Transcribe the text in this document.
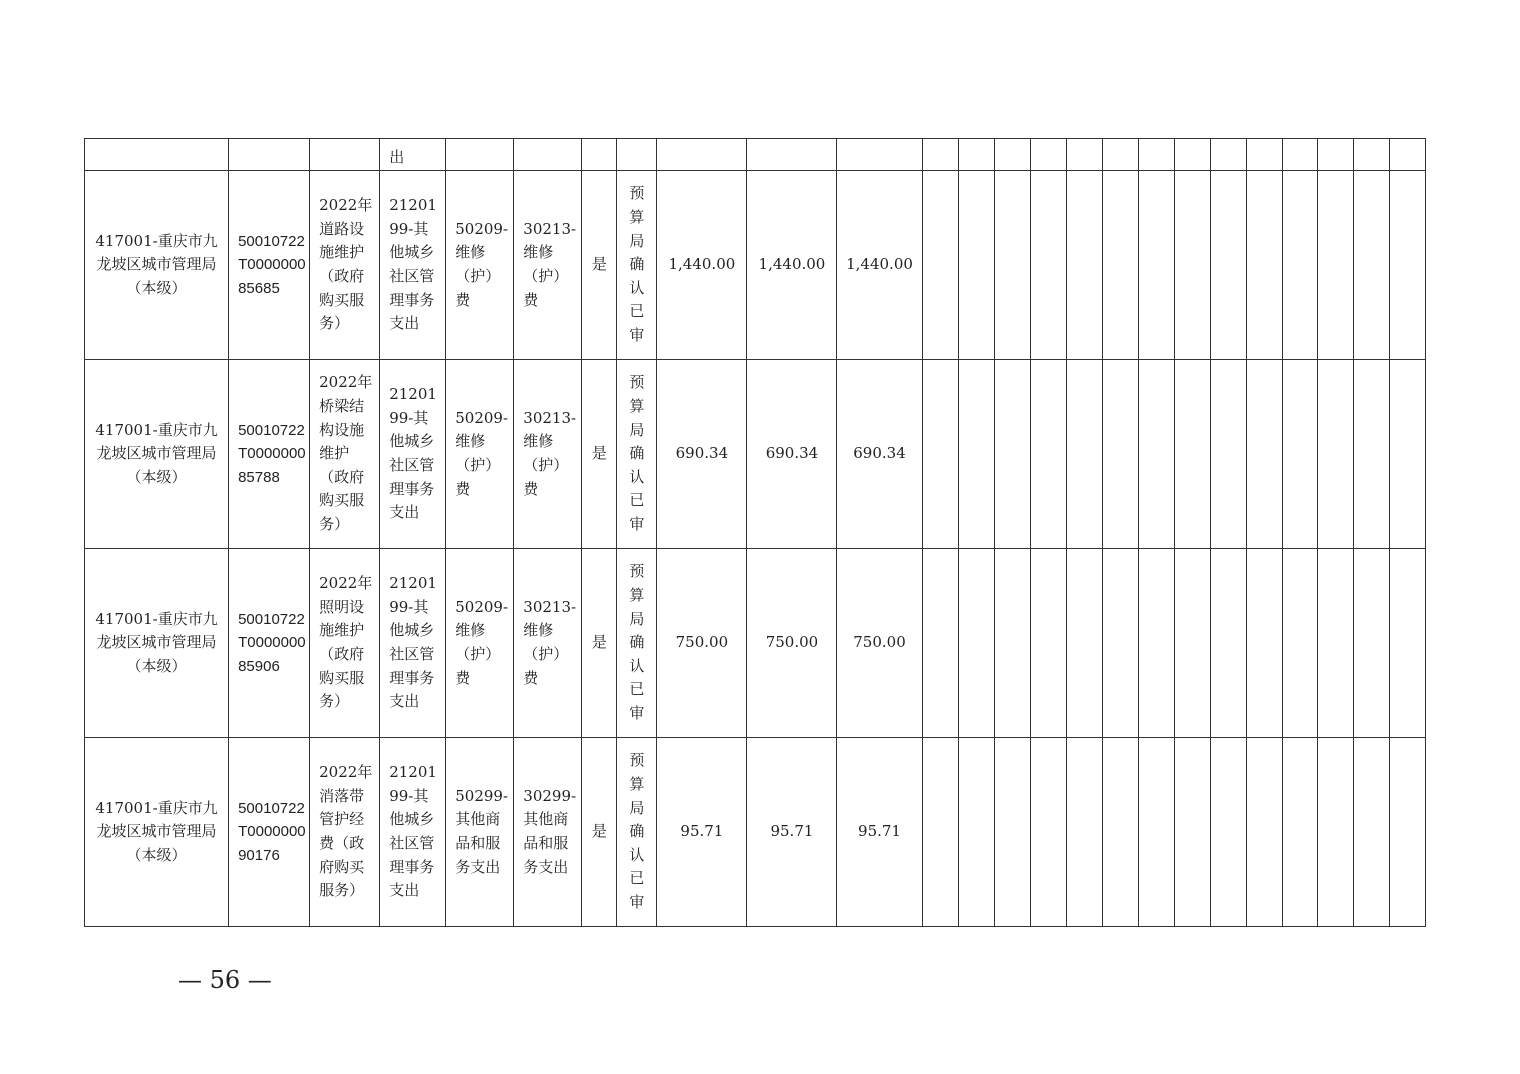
			出																					
417001-重庆市九龙坡区城市管理局（本级）	50010722T000000085685	2022年道路设施维护（政府购买服务）	2120199-其他城乡社区管理事务支出	50209-维修（护）费	30213-维修（护）费	是	预算局确认已审	1,440.00	1,440.00	1,440.00														
417001-重庆市九龙坡区城市管理局（本级）	50010722T000000085788	2022年桥梁结构设施维护（政府购买服务）	2120199-其他城乡社区管理事务支出	50209-维修（护）费	30213-维修（护）费	是	预算局确认已审	690.34	690.34	690.34														
417001-重庆市九龙坡区城市管理局（本级）	50010722T000000085906	2022年照明设施维护（政府购买服务）	2120199-其他城乡社区管理事务支出	50209-维修（护）费	30213-维修（护）费	是	预算局确认已审	750.00	750.00	750.00														
417001-重庆市九龙坡区城市管理局（本级）	50010722T000000090176	2022年消落带管护经费（政府购买服务）	2120199-其他城乡社区管理事务支出	50299-其他商品和服务支出	30299-其他商品和服务支出	是	预算局确认已审	95.71	95.71	95.71														
— 56 —
